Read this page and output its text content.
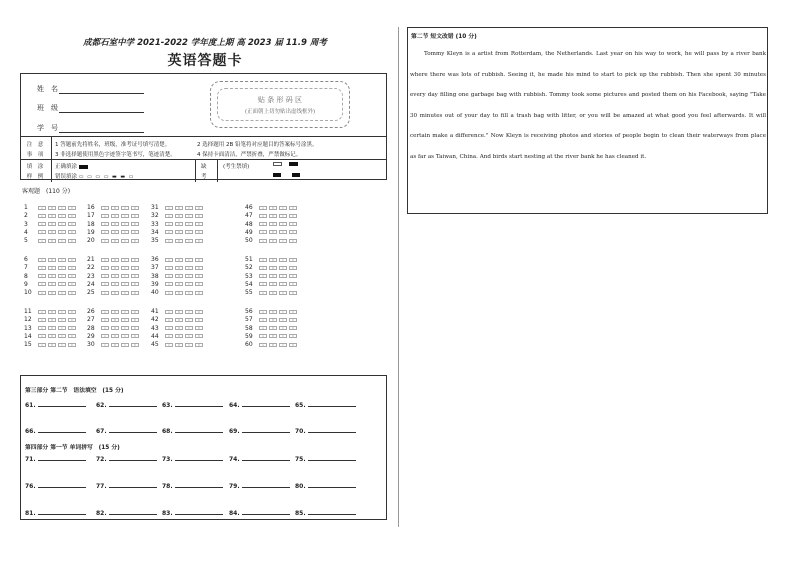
成都石室中学 2021-2022 学年度上期 高 2023 届 11.9 周考
英语答题卡
姓　名
班　级
学　号
贴 条 形 码 区
(正面朝上切勿贴出虚线框外)
注　意
事　项
1 答题前先将姓名，班级，准考证号填写清楚。	2 选择题用 2B 铅笔将对应题目的答案标号涂黑。
3 非选择题使用黑色字迹签字笔书写，笔迹清楚。	4 保持卡面清洁，严禁折叠，严禁做标记。
填　涂
样　例
正确填涂
错误填涂 ▭ ▭ ▭ ▭ ▬ ▬ ▭
缺
考
(考生禁填)
客观题　(110 分)
1	A	B	C	D
2	A	B	C	D
3	A	B	C	D
4	A	B	C	D
5	A	B	C	D
16	A	B	C	D
17	A	B	C	D
18	A	B	C	D
19	A	B	C	D
20	A	B	C	D
31	A	B	C	D
32	A	B	C	D
33	A	B	C	D
34	A	B	C	D
35	A	B	C	D
46	A	B	C	D
47	A	B	C	D
48	A	B	C	D
49	A	B	C	D
50	A	B	C	D
6	A	B	C	D
7	A	B	C	D
8	A	B	C	D
9	A	B	C	D
10	A	B	C	D
21	A	B	C	D
22	A	B	C	D
23	A	B	C	D
24	A	B	C	D
25	A	B	C	D
36	A	B	C	D
37	A	B	C	D
38	A	B	C	D
39	A	B	C	D
40	A	B	C	D
51	A	B	C	D
52	A	B	C	D
53	A	B	C	D
54	A	B	C	D
55	A	B	C	D
11	A	B	C	D
12	A	B	C	D
13	A	B	C	D
14	A	B	C	D
15	A	B	C	D
26	A	B	C	D
27	A	B	C	D
28	A	B	C	D
29	A	B	C	D
30	A	B	C	D
41	A	B	C	D
42	A	B	C	D
43	A	B	C	D
44	A	B	C	D
45	A	B	C	D
56	A	B	C	D
57	A	B	C	D
58	A	B	C	D
59	A	B	C	D
60	A	B	C	D
第三部分 第二节　语法填空　(15 分)
第四部分 第一节 单词拼写　(15 分)
61.	62.	63.	64.	65.
66.	67.	68.	69.	70.
71.	72.	73.	74.	75.
76.	77.	78.	79.	80.
81.	82.	83.	84.	85.
第二节 短文改错 (10 分)
Tommy Kleyn is a artist from Rotterdam, the Netherlands. Last year on his way to work, he will pass by a river bank where there was lots of rubbish. Seeing it, he made his mind to start to pick up the rubbish. Then she spent 30 minutes every day filling one garbage bag with rubbish. Tommy took some pictures and posted them on his Facebook, saying "Take 30 minutes out of your day to fill a trash bag with litter, or you will be amazed at what good you feel afterwards. It will certain make a difference." Now Kleyn is receiving photos and stories of people begin to clean their waterways from place as far as Taiwan, China. And birds start nesting at the river bank he has cleaned it.
